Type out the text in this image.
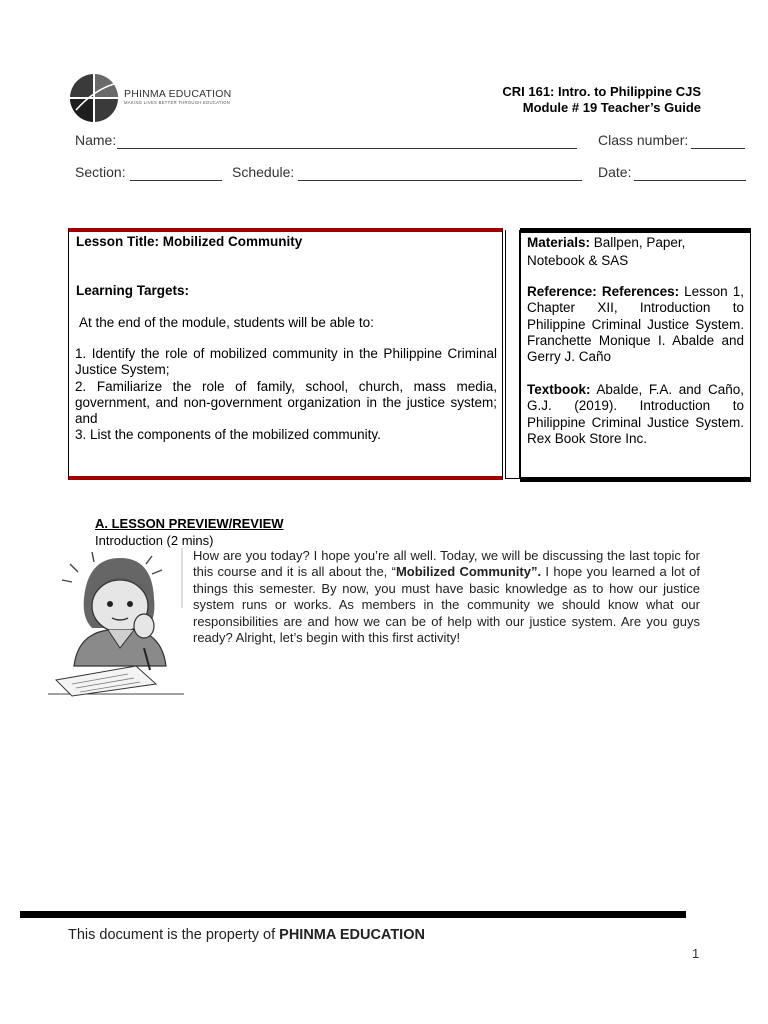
PHINMA EDUCATION
MAKING LIVES BETTER THROUGH EDUCATION
CRI 161: Intro. to Philippine CJS
Module # 19 Teacher’s Guide
Name:	Class number:
Section:	Schedule:	Date:
Lesson Title: Mobilized Community
Learning Targets:
At the end of the module, students will be able to:
1. Identify the role of mobilized community in the Philippine Criminal Justice System;
2. Familiarize the role of family, school, church, mass media, government, and non-government organization in the justice system; and
3. List the components of the mobilized community.
Materials: Ballpen, Paper, Notebook & SAS
Reference: References: Lesson 1, Chapter XII, Introduction to Philippine Criminal Justice System. Franchette Monique I. Abalde and Gerry J. Caño
Textbook: Abalde, F.A. and Caño, G.J. (2019). Introduction to Philippine Criminal Justice System. Rex Book Store Inc.
A. LESSON PREVIEW/REVIEW
Introduction (2 mins)
How are you today? I hope you’re all well. Today, we will be discussing the last topic for this course and it is all about the, “Mobilized Community”. I hope you learned a lot of things this semester. By now, you must have basic knowledge as to how our justice system runs or works. As members in the community we should know what our responsibilities are and how we can be of help with our justice system. Are you guys ready? Alright, let’s begin with this first activity!
This document is the property of PHINMA EDUCATION
1
